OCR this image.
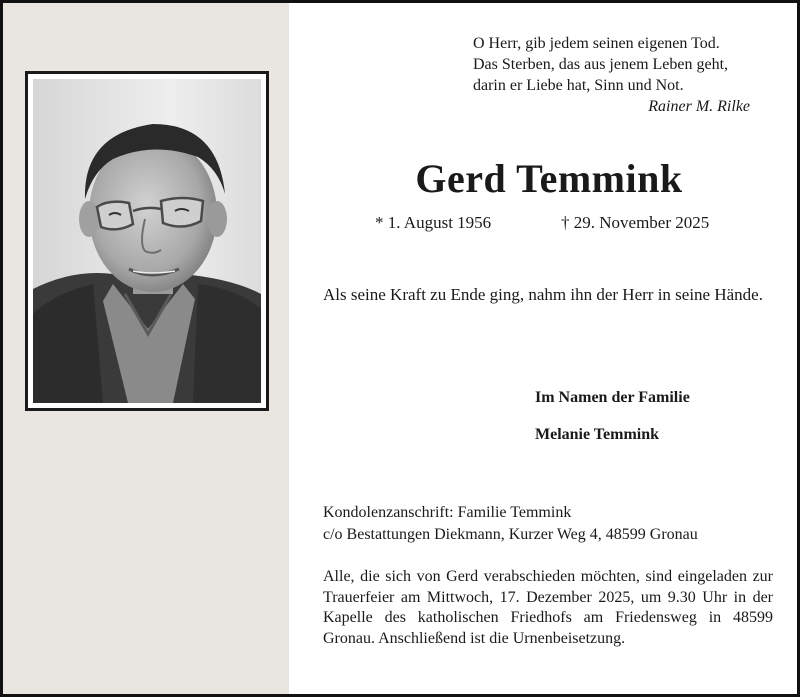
O Herr, gib jedem seinen eigenen Tod.
Das Sterben, das aus jenem Leben geht,
darin er Liebe hat, Sinn und Not.
Rainer M. Rilke
Gerd Temmink
* 1. August 1956	† 29. November 2025
Als seine Kraft zu Ende ging, nahm ihn der Herr in seine Hände.
Im Namen der Familie
Melanie Temmink
Kondolenzanschrift: Familie Temmink
c/o Bestattungen Diekmann, Kurzer Weg 4, 48599 Gronau
Alle, die sich von Gerd verabschieden möchten, sind eingeladen zur Trauerfeier am Mittwoch, 17. Dezember 2025, um 9.30 Uhr in der Kapelle des katholischen Friedhofs am Friedensweg in 48599 Gronau. Anschließend ist die Urnenbeisetzung.
